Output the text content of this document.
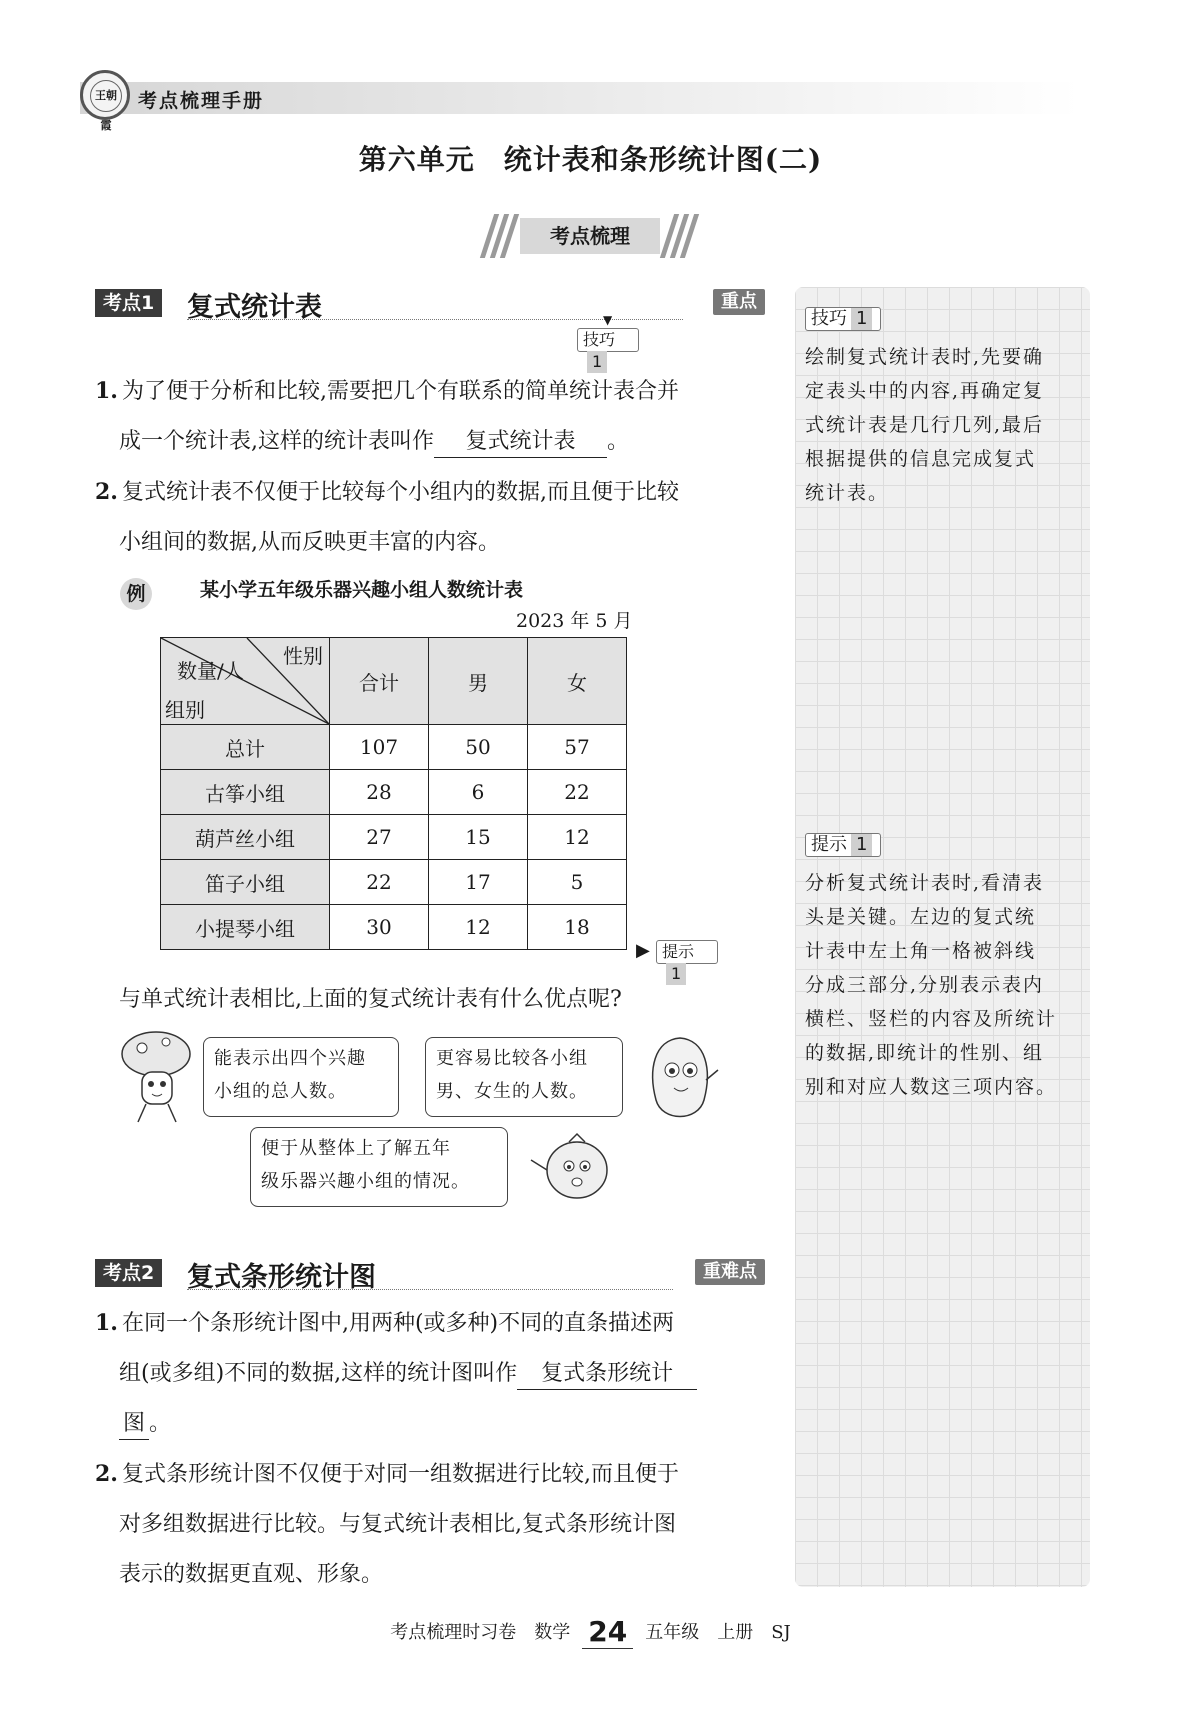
王朝霞
考点梳理手册
第六单元　统计表和条形统计图(二)
考点梳理
考点1 复式统计表	重点
▼
技巧1
1. 为了便于分析和比较,需要把几个有联系的简单统计表合并
成一个统计表,这样的统计表叫作 复式统计表 。
2. 复式统计表不仅便于比较每个小组内的数据,而且便于比较
小组间的数据,从而反映更丰富的内容。
例	某小学五年级乐器兴趣小组人数统计表
2023 年 5 月
性别
数量/人
组别	合计	男	女
总计	107	50	57
古筝小组	28	6	22
葫芦丝小组	27	15	12
笛子小组	22	17	5
小提琴小组	30	12	18
▶ 提示1
与单式统计表相比,上面的复式统计表有什么优点呢?
能表示出四个兴趣
小组的总人数。
更容易比较各小组
男、女生的人数。
便于从整体上了解五年
级乐器兴趣小组的情况。
考点2 复式条形统计图	重难点
1. 在同一个条形统计图中,用两种(或多种)不同的直条描述两
组(或多组)不同的数据,这样的统计图叫作 复式条形统计
图 。
2. 复式条形统计图不仅便于对同一组数据进行比较,而且便于
对多组数据进行比较。与复式统计表相比,复式条形统计图
表示的数据更直观、形象。
技巧 1
绘制复式统计表时,先要确
定表头中的内容,再确定复
式统计表是几行几列,最后
根据提供的信息完成复式
统计表。
提示 1
分析复式统计表时,看清表
头是关键。左边的复式统
计表中左上角一格被斜线
分成三部分,分别表示表内
横栏、竖栏的内容及所统计
的数据,即统计的性别、组
别和对应人数这三项内容。
考点梳理时习卷　数学 24 五年级　上册　SJ
